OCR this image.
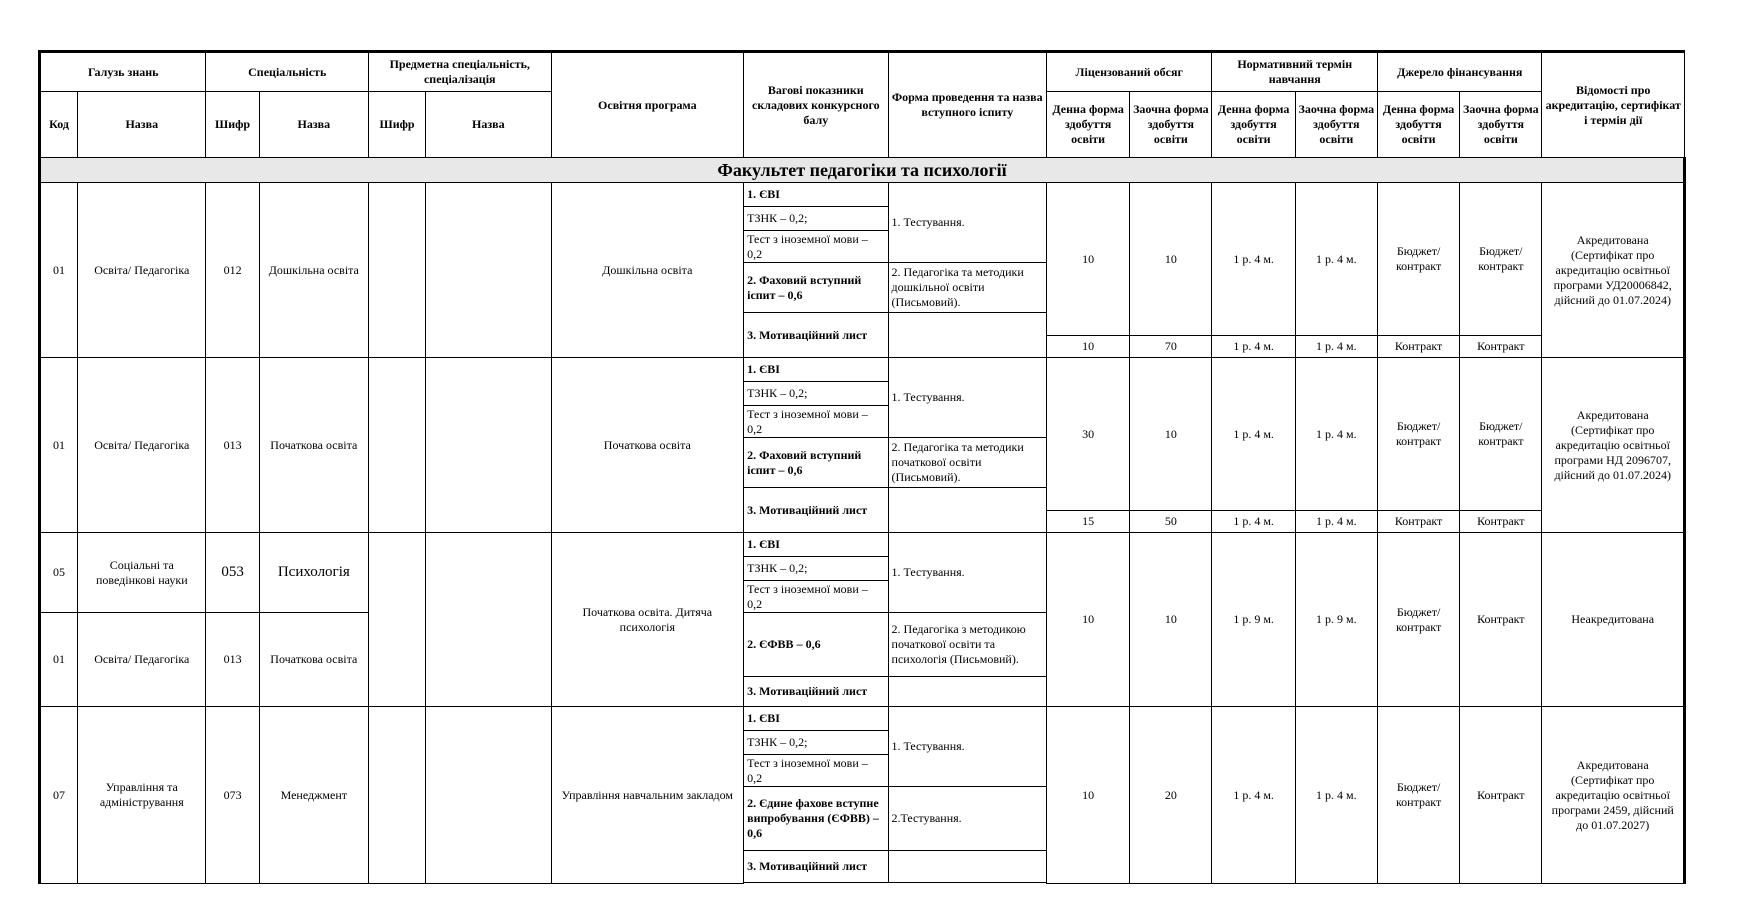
Галузь знань		Спеціальність		Предметна спеціальність, спеціалізація		Освітня програма	Вагові показники складових конкурсного балу	Форма проведення та назва вступного іспиту	Ліцензований обсяг		Нормативний термін навчання		Джерело фінансування		Відомості про акредитацію, сертифікат і термін дії
Код	Назва	Шифр	Назва	Шифр	Назва				Денна форма здобуття освіти	Заочна форма здобуття освіти	Денна форма здобуття освіти	Заочна форма здобуття освіти	Денна форма здобуття освіти	Заочна форма здобуття освіти	
Факультет педагогіки та психології															
01	Освіта/ Педагогіка	012	Дошкільна освіта			Дошкільна освіта	1. ЄВІ	1. Тестування.	10	10	1 р. 4 м.	1 р. 4 м.	Бюджет/ контракт	Бюджет/ контракт	Акредитована (Сертифікат про акредитацію освітньої програми УД20006842, дійсний до 01.07.2024)
							ТЗНК – 0,2;								
							Тест з іноземної мови – 0,2								
							2. Фаховий вступний іспит – 0,6	2. Педагогіка та методики дошкільної освіти (Письмовий).							
							3. Мотиваційний лист								

									10	70	1 р. 4 м.	1 р. 4 м.	Контракт	Контракт	
01	Освіта/ Педагогіка	013	Початкова освіта			Початкова освіта	1. ЄВІ	1. Тестування.	30	10	1 р. 4 м.	1 р. 4 м.	Бюджет/ контракт	Бюджет/ контракт	Акредитована (Сертифікат про акредитацію освітньої програми НД 2096707, дійсний до 01.07.2024)
							ТЗНК – 0,2;								
							Тест з іноземної мови – 0,2								
							2. Фаховий вступний іспит – 0,6	2. Педагогіка та методики початкової освіти (Письмовий).							
							3. Мотиваційний лист								

									15	50	1 р. 4 м.	1 р. 4 м.	Контракт	Контракт	
05	Соціальні та поведінкові науки	053	Психологія			Початкова освіта. Дитяча психологія	1. ЄВІ	1. Тестування.	10	10	1 р. 9 м.	1 р. 9 м.	Бюджет/ контракт	Контракт	Неакредитована
							ТЗНК – 0,2;								
							Тест з іноземної мови – 0,2								
01	Освіта/ Педагогіка	013	Початкова освіта				2. ЄФВВ – 0,6	2. Педагогіка з методикою початкової освіти та психологія (Письмовий).							

							3. Мотиваційний лист								
07	Управління та адміністрування	073	Менеджмент			Управління навчальним закладом	1. ЄВІ	1. Тестування.	10	20	1 р. 4 м.	1 р. 4 м.	Бюджет/ контракт	Контракт	Акредитована (Сертифікат про акредитацію освітньої програми 2459, дійсний до 01.07.2027)
							ТЗНК – 0,2;								
							Тест з іноземної мови – 0,2								
							2. Єдине фахове вступне випробування (ЄФВВ) – 0,6	2.Тестування.							
							3. Мотиваційний лист								
